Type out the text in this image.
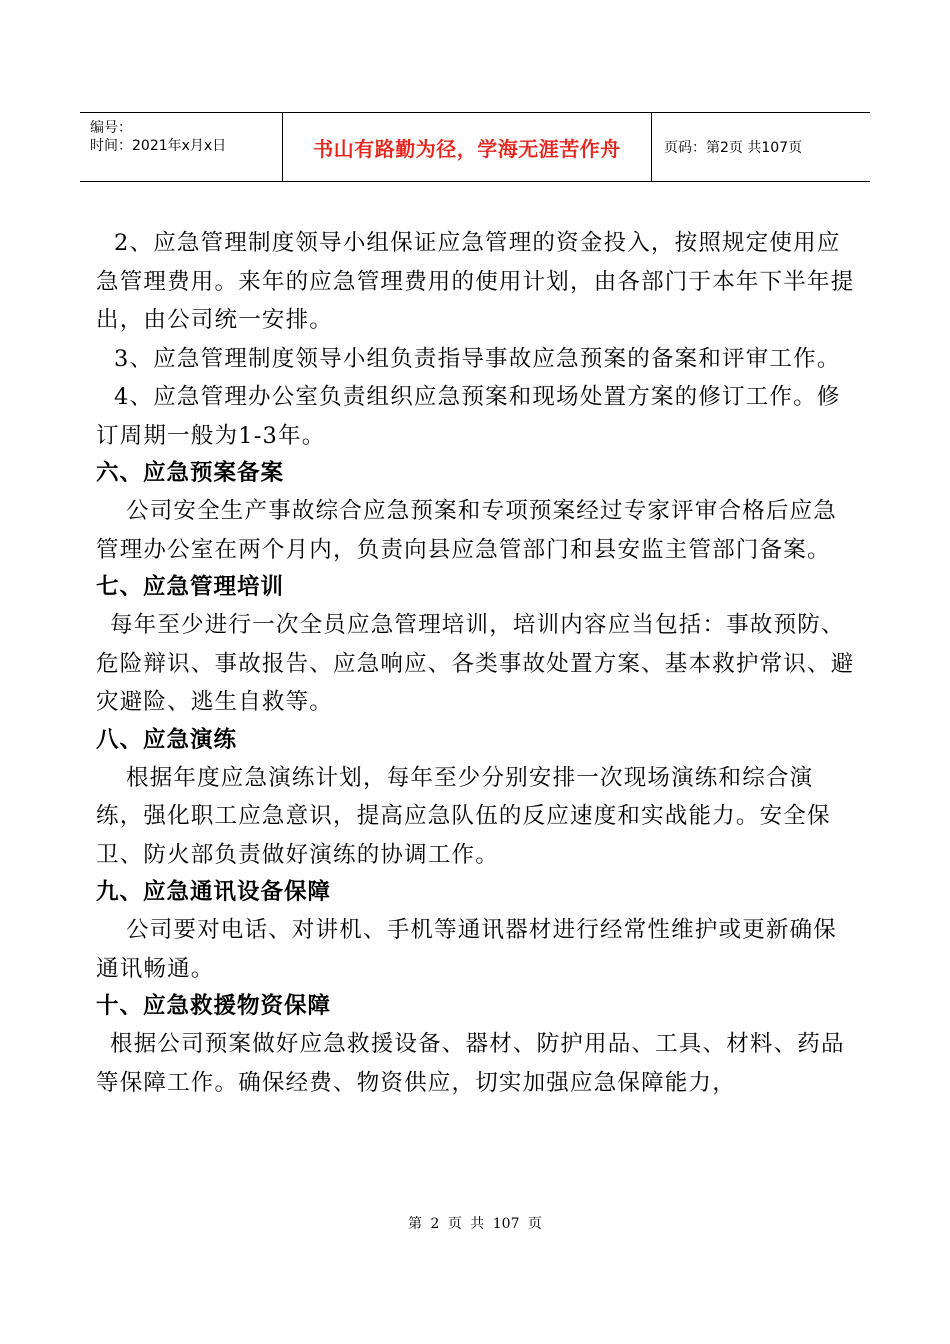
编号：
时间：2021年x月x日	书山有路勤为径，学海无涯苦作舟	页码：第2页 共107页

2、应急管理制度领导小组保证应急管理的资金投入，按照规定使用应急管理费用。来年的应急管理费用的使用计划，由各部门于本年下半年提出，由公司统一安排。

3、应急管理制度领导小组负责指导事故应急预案的备案和评审工作。

4、应急管理办公室负责组织应急预案和现场处置方案的修订工作。修订周期一般为1-3年。

六、应急预案备案

公司安全生产事故综合应急预案和专项预案经过专家评审合格后应急管理办公室在两个月内，负责向县应急管部门和县安监主管部门备案。

七、应急管理培训

每年至少进行一次全员应急管理培训，培训内容应当包括：事故预防、危险辩识、事故报告、应急响应、各类事故处置方案、基本救护常识、避灾避险、逃生自救等。

八、应急演练

根据年度应急演练计划，每年至少分别安排一次现场演练和综合演练，强化职工应急意识，提高应急队伍的反应速度和实战能力。安全保卫、防火部负责做好演练的协调工作。

九、应急通讯设备保障

公司要对电话、对讲机、手机等通讯器材进行经常性维护或更新确保通讯畅通。

十、应急救援物资保障

根据公司预案做好应急救援设备、器材、防护用品、工具、材料、药品等保障工作。确保经费、物资供应，切实加强应急保障能力，

第 2 页 共 107 页
